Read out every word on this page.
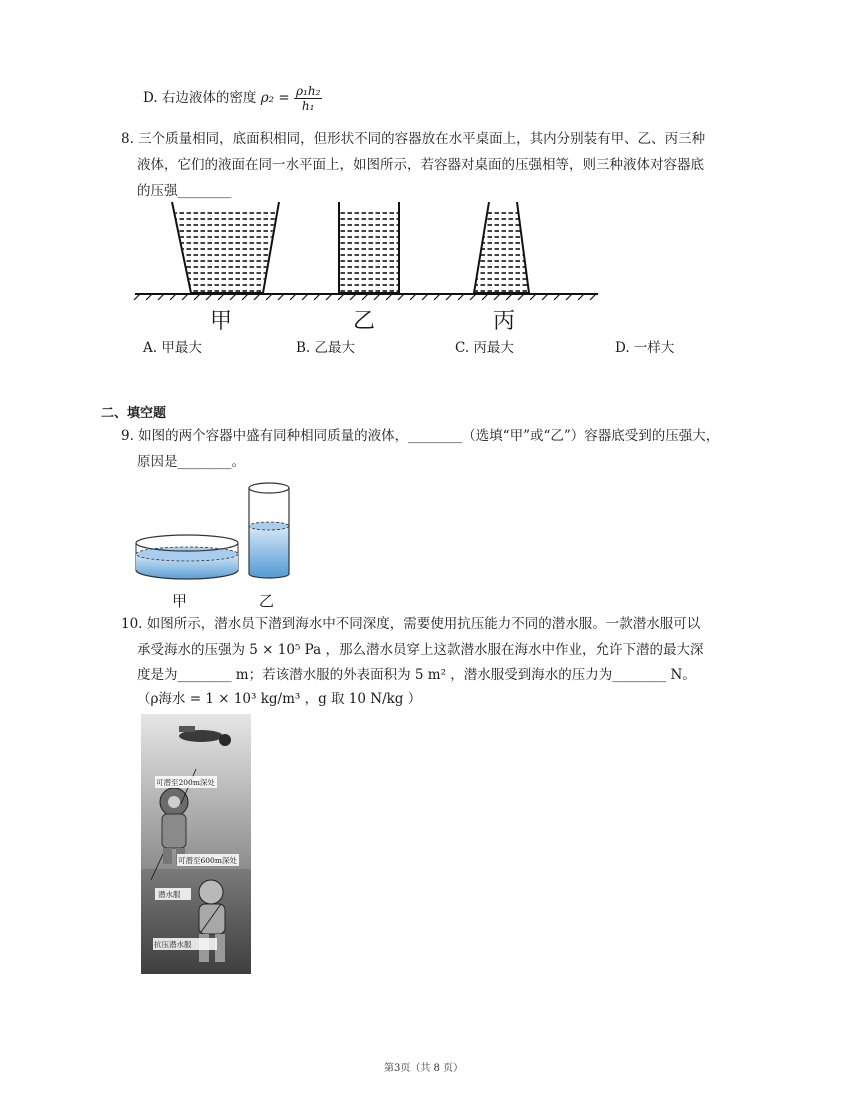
D. 右边液体的密度 $\rho_2 = \frac{\text{ρ₁h₂}}{\text{h₁}}$
8. 三个质量相同，底面积相同，但形状不同的容器放在水平桌面上，其内分别装有甲、乙、丙三种
液体，它们的液面在同一水平面上，如图所示，若容器对桌面的压强相等，则三种液体对容器底
的压强________
甲	乙	丙
A. 甲最大	B. 乙最大	C. 丙最大	D. 一样大
二、填空题
9. 如图的两个容器中盛有同种相同质量的液体，________（选填“甲”或“乙”）容器底受到的压强大，
原因是________。
甲	乙
10. 如图所示，潜水员下潜到海水中不同深度，需要使用抗压能力不同的潜水服。一款潜水服可以
承受海水的压强为 5 × 10⁵ Pa ，那么潜水员穿上这款潜水服在海水中作业，允许下潜的最大深
度是为________ m；若该潜水服的外表面积为 5 m² ，潜水服受到海水的压力为________ N。
（ρ海水 = 1 × 10³ kg/m³ ，g 取 10 N/kg ）
可潜至200m深处
可潜至600m深处
潜水服
抗压潜水服
第3页（共 8 页）
